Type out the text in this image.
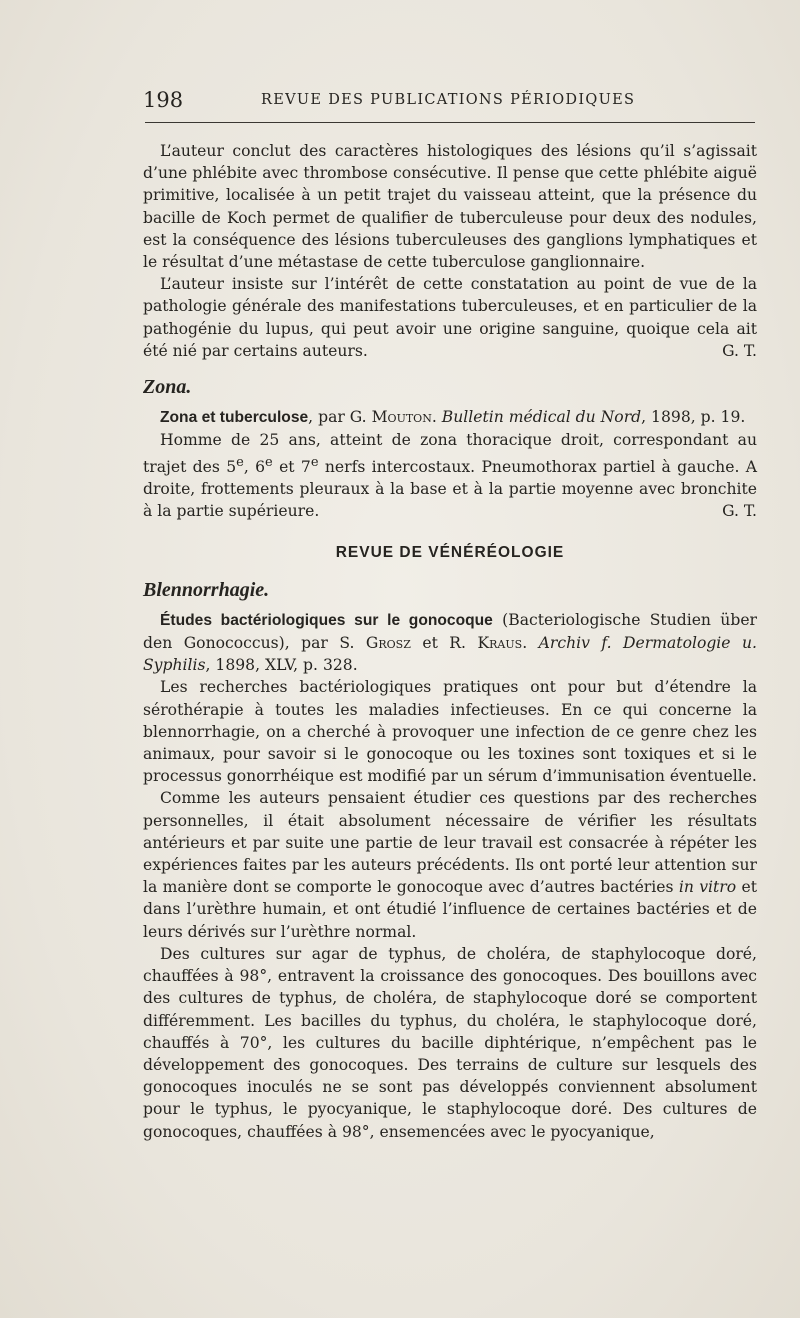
198	REVUE DES PUBLICATIONS PÉRIODIQUES

L’auteur conclut des caractères histologiques des lésions qu’il s’agissait d’une phlébite avec thrombose consécutive. Il pense que cette phlébite aiguë primitive, localisée à un petit trajet du vaisseau atteint, que la présence du bacille de Koch permet de qualifier de tuberculeuse pour deux des nodules, est la conséquence des lésions tuberculeuses des ganglions lymphatiques et le résultat d’une métastase de cette tuberculose ganglionnaire.

L’auteur insiste sur l’intérêt de cette constatation au point de vue de la pathologie générale des manifestations tuberculeuses, et en particulier de la pathogénie du lupus, qui peut avoir une origine sanguine, quoique cela ait été nié par certains auteurs.	G. T.

Zona.

Zona et tuberculose, par G. Mouton. Bulletin médical du Nord, 1898, p. 19.

Homme de 25 ans, atteint de zona thoracique droit, correspondant au trajet des 5e, 6e et 7e nerfs intercostaux. Pneumothorax partiel à gauche. A droite, frottements pleuraux à la base et à la partie moyenne avec bronchite à la partie supérieure.	G. T.

REVUE DE VÉNÉRÉOLOGIE
Blennorrhagie.

Études bactériologiques sur le gonocoque (Bacteriologische Studien über den Gonococcus), par S. Grosz et R. Kraus. Archiv f. Dermatologie u. Syphilis, 1898, XLV, p. 328.

Les recherches bactériologiques pratiques ont pour but d’étendre la sérothérapie à toutes les maladies infectieuses. En ce qui concerne la blennorrhagie, on a cherché à provoquer une infection de ce genre chez les animaux, pour savoir si le gonocoque ou les toxines sont toxiques et si le processus gonorrhéique est modifié par un sérum d’immunisation éventuelle.

Comme les auteurs pensaient étudier ces questions par des recherches personnelles, il était absolument nécessaire de vérifier les résultats antérieurs et par suite une partie de leur travail est consacrée à répéter les expériences faites par les auteurs précédents. Ils ont porté leur attention sur la manière dont se comporte le gonocoque avec d’autres bactéries in vitro et dans l’urèthre humain, et ont étudié l’influence de certaines bactéries et de leurs dérivés sur l’urèthre normal.

Des cultures sur agar de typhus, de choléra, de staphylocoque doré, chauffées à 98°, entravent la croissance des gonocoques. Des bouillons avec des cultures de typhus, de choléra, de staphylocoque doré se comportent différemment. Les bacilles du typhus, du choléra, le staphylocoque doré, chauffés à 70°, les cultures du bacille diphtérique, n’empêchent pas le développement des gonocoques. Des terrains de culture sur lesquels des gonocoques inoculés ne se sont pas développés conviennent absolument pour le typhus, le pyocyanique, le staphylocoque doré. Des cultures de gonocoques, chauffées à 98°, ensemencées avec le pyocyanique,
